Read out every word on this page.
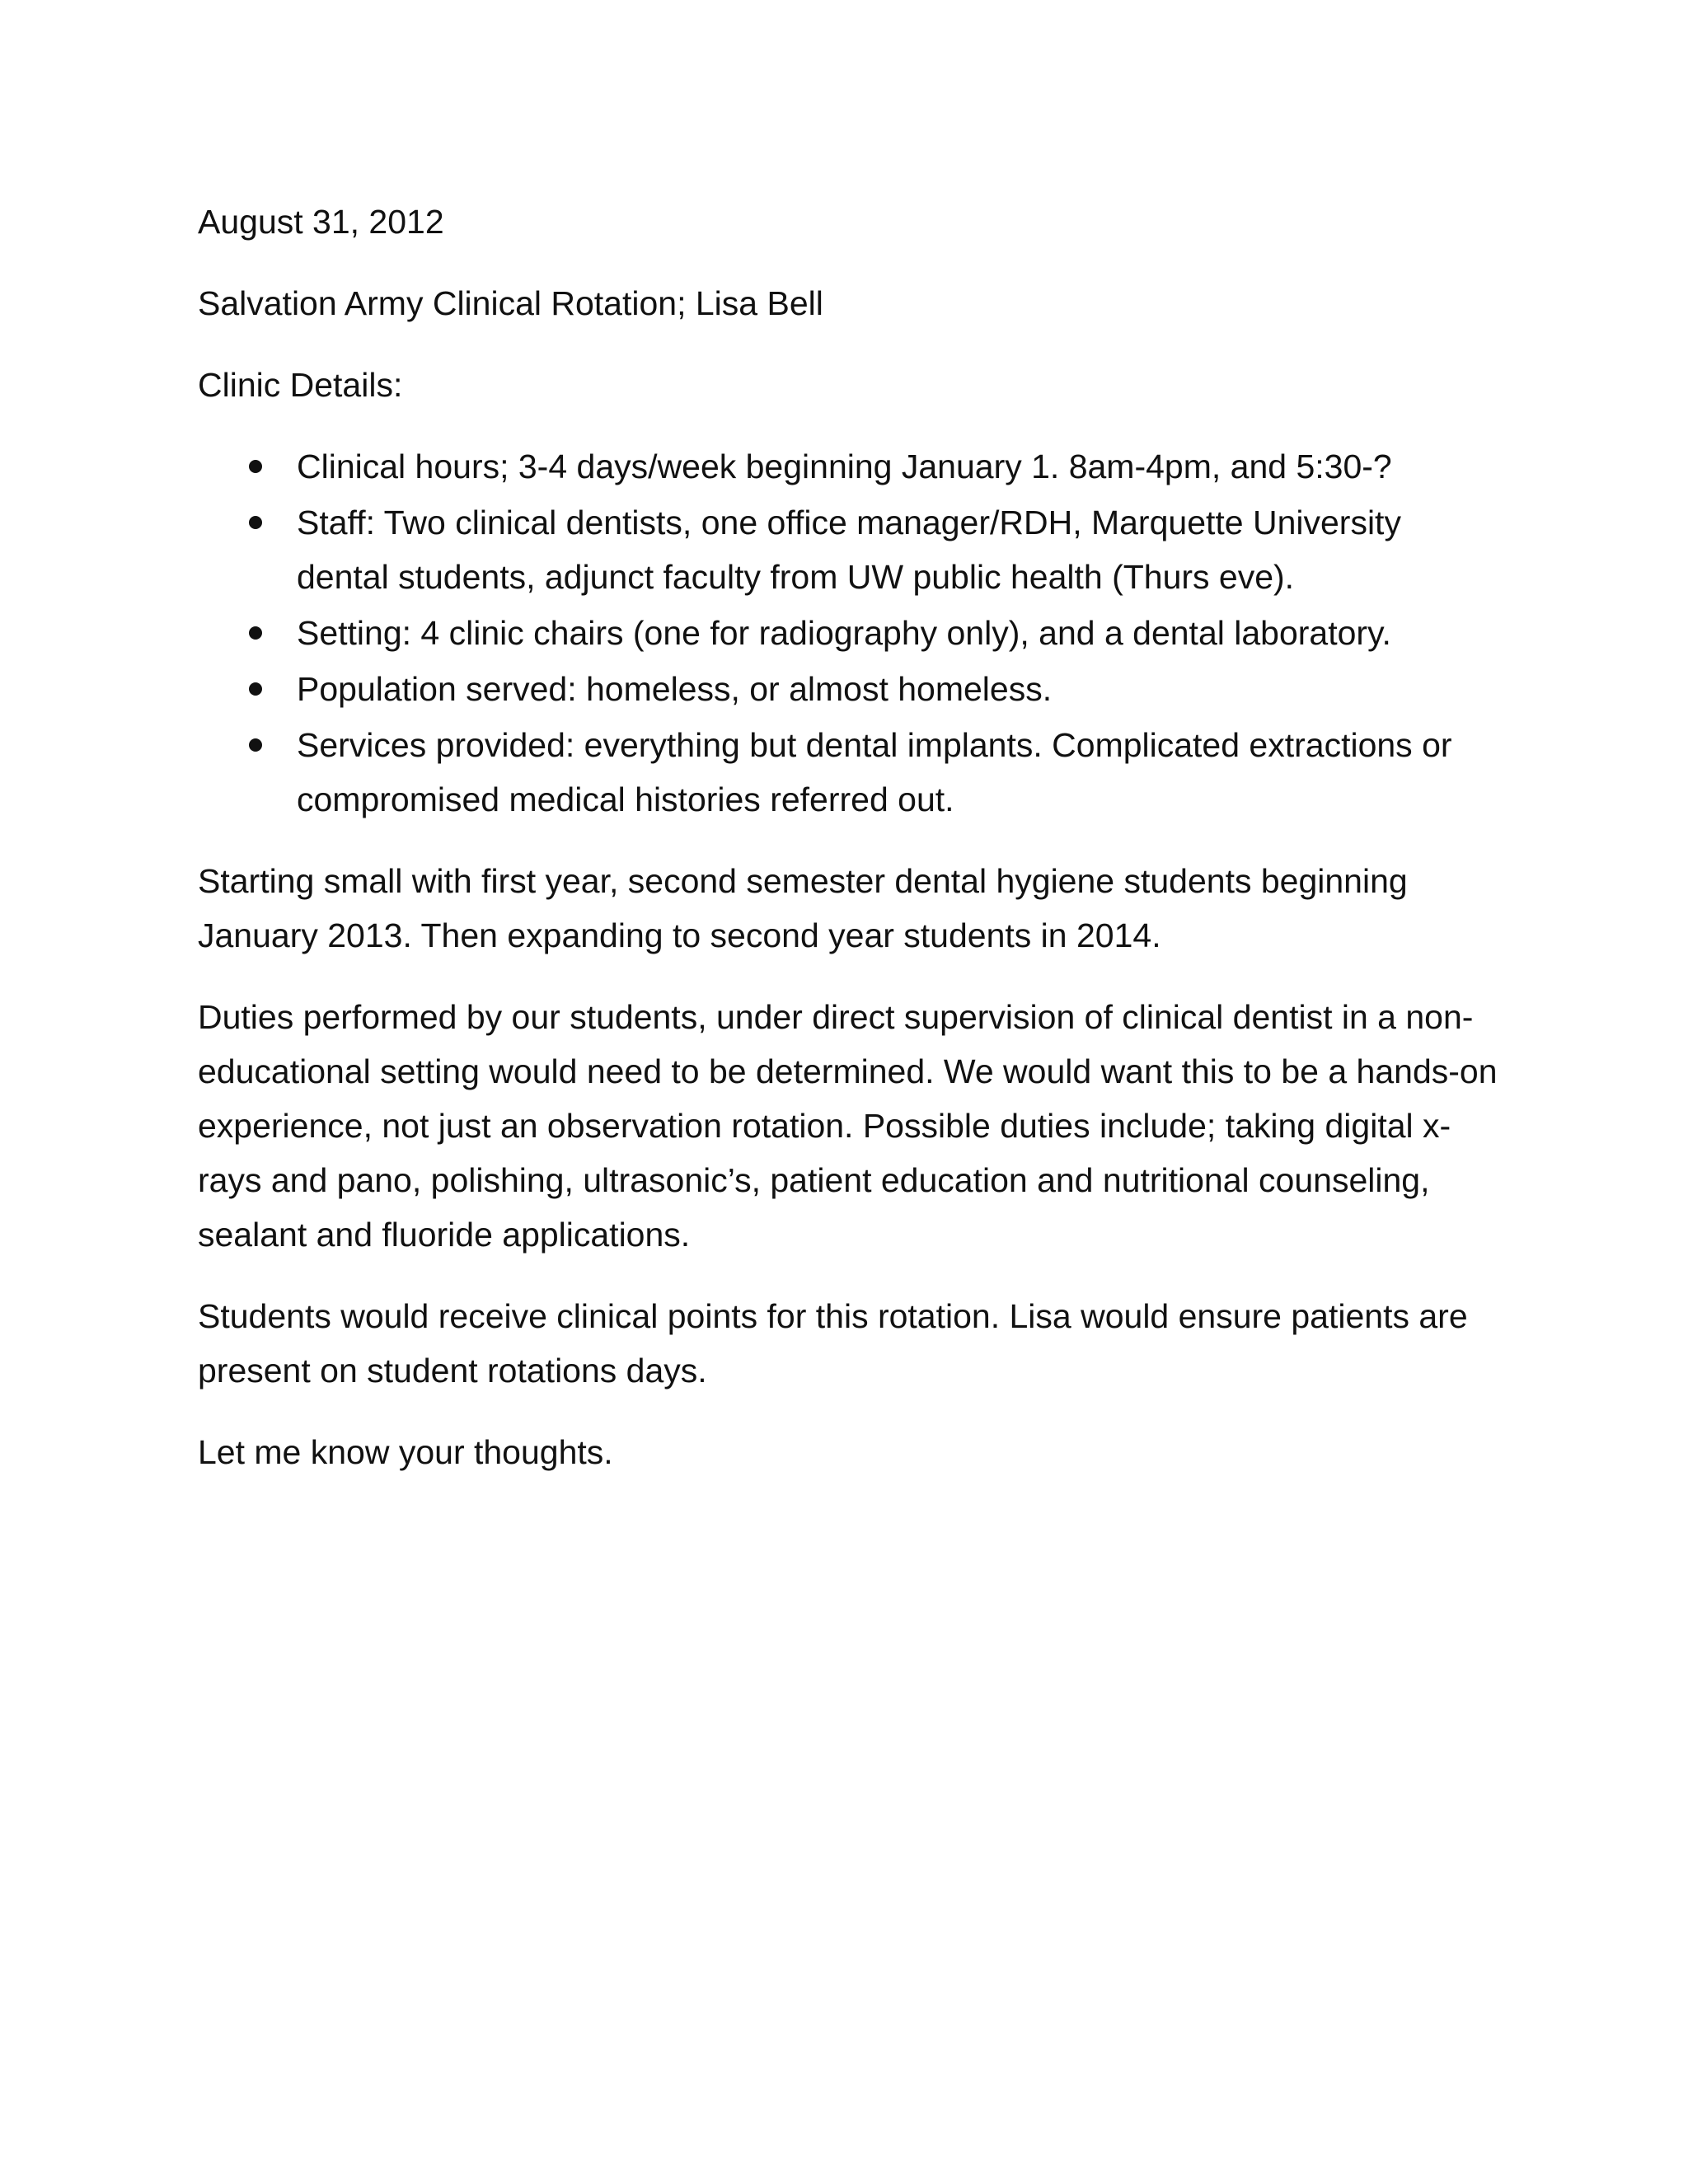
August 31, 2012

Salvation Army Clinical Rotation; Lisa Bell

Clinic Details:

Clinical hours; 3-4 days/week beginning January 1. 8am-4pm, and 5:30-?
Staff: Two clinical dentists, one office manager/RDH, Marquette University dental students, adjunct faculty from UW public health (Thurs eve).
Setting: 4 clinic chairs (one for radiography only), and a dental laboratory.
Population served: homeless, or almost homeless.
Services provided: everything but dental implants. Complicated extractions or compromised medical histories referred out.

Starting small with first year, second semester dental hygiene students beginning January 2013. Then expanding to second year students in 2014.

Duties performed by our students, under direct supervision of clinical dentist in a non-educational setting would need to be determined. We would want this to be a hands-on experience, not just an observation rotation. Possible duties include; taking digital x-rays and pano, polishing, ultrasonic’s, patient education and nutritional counseling, sealant and fluoride applications.

Students would receive clinical points for this rotation. Lisa would ensure patients are present on student rotations days.

Let me know your thoughts.
